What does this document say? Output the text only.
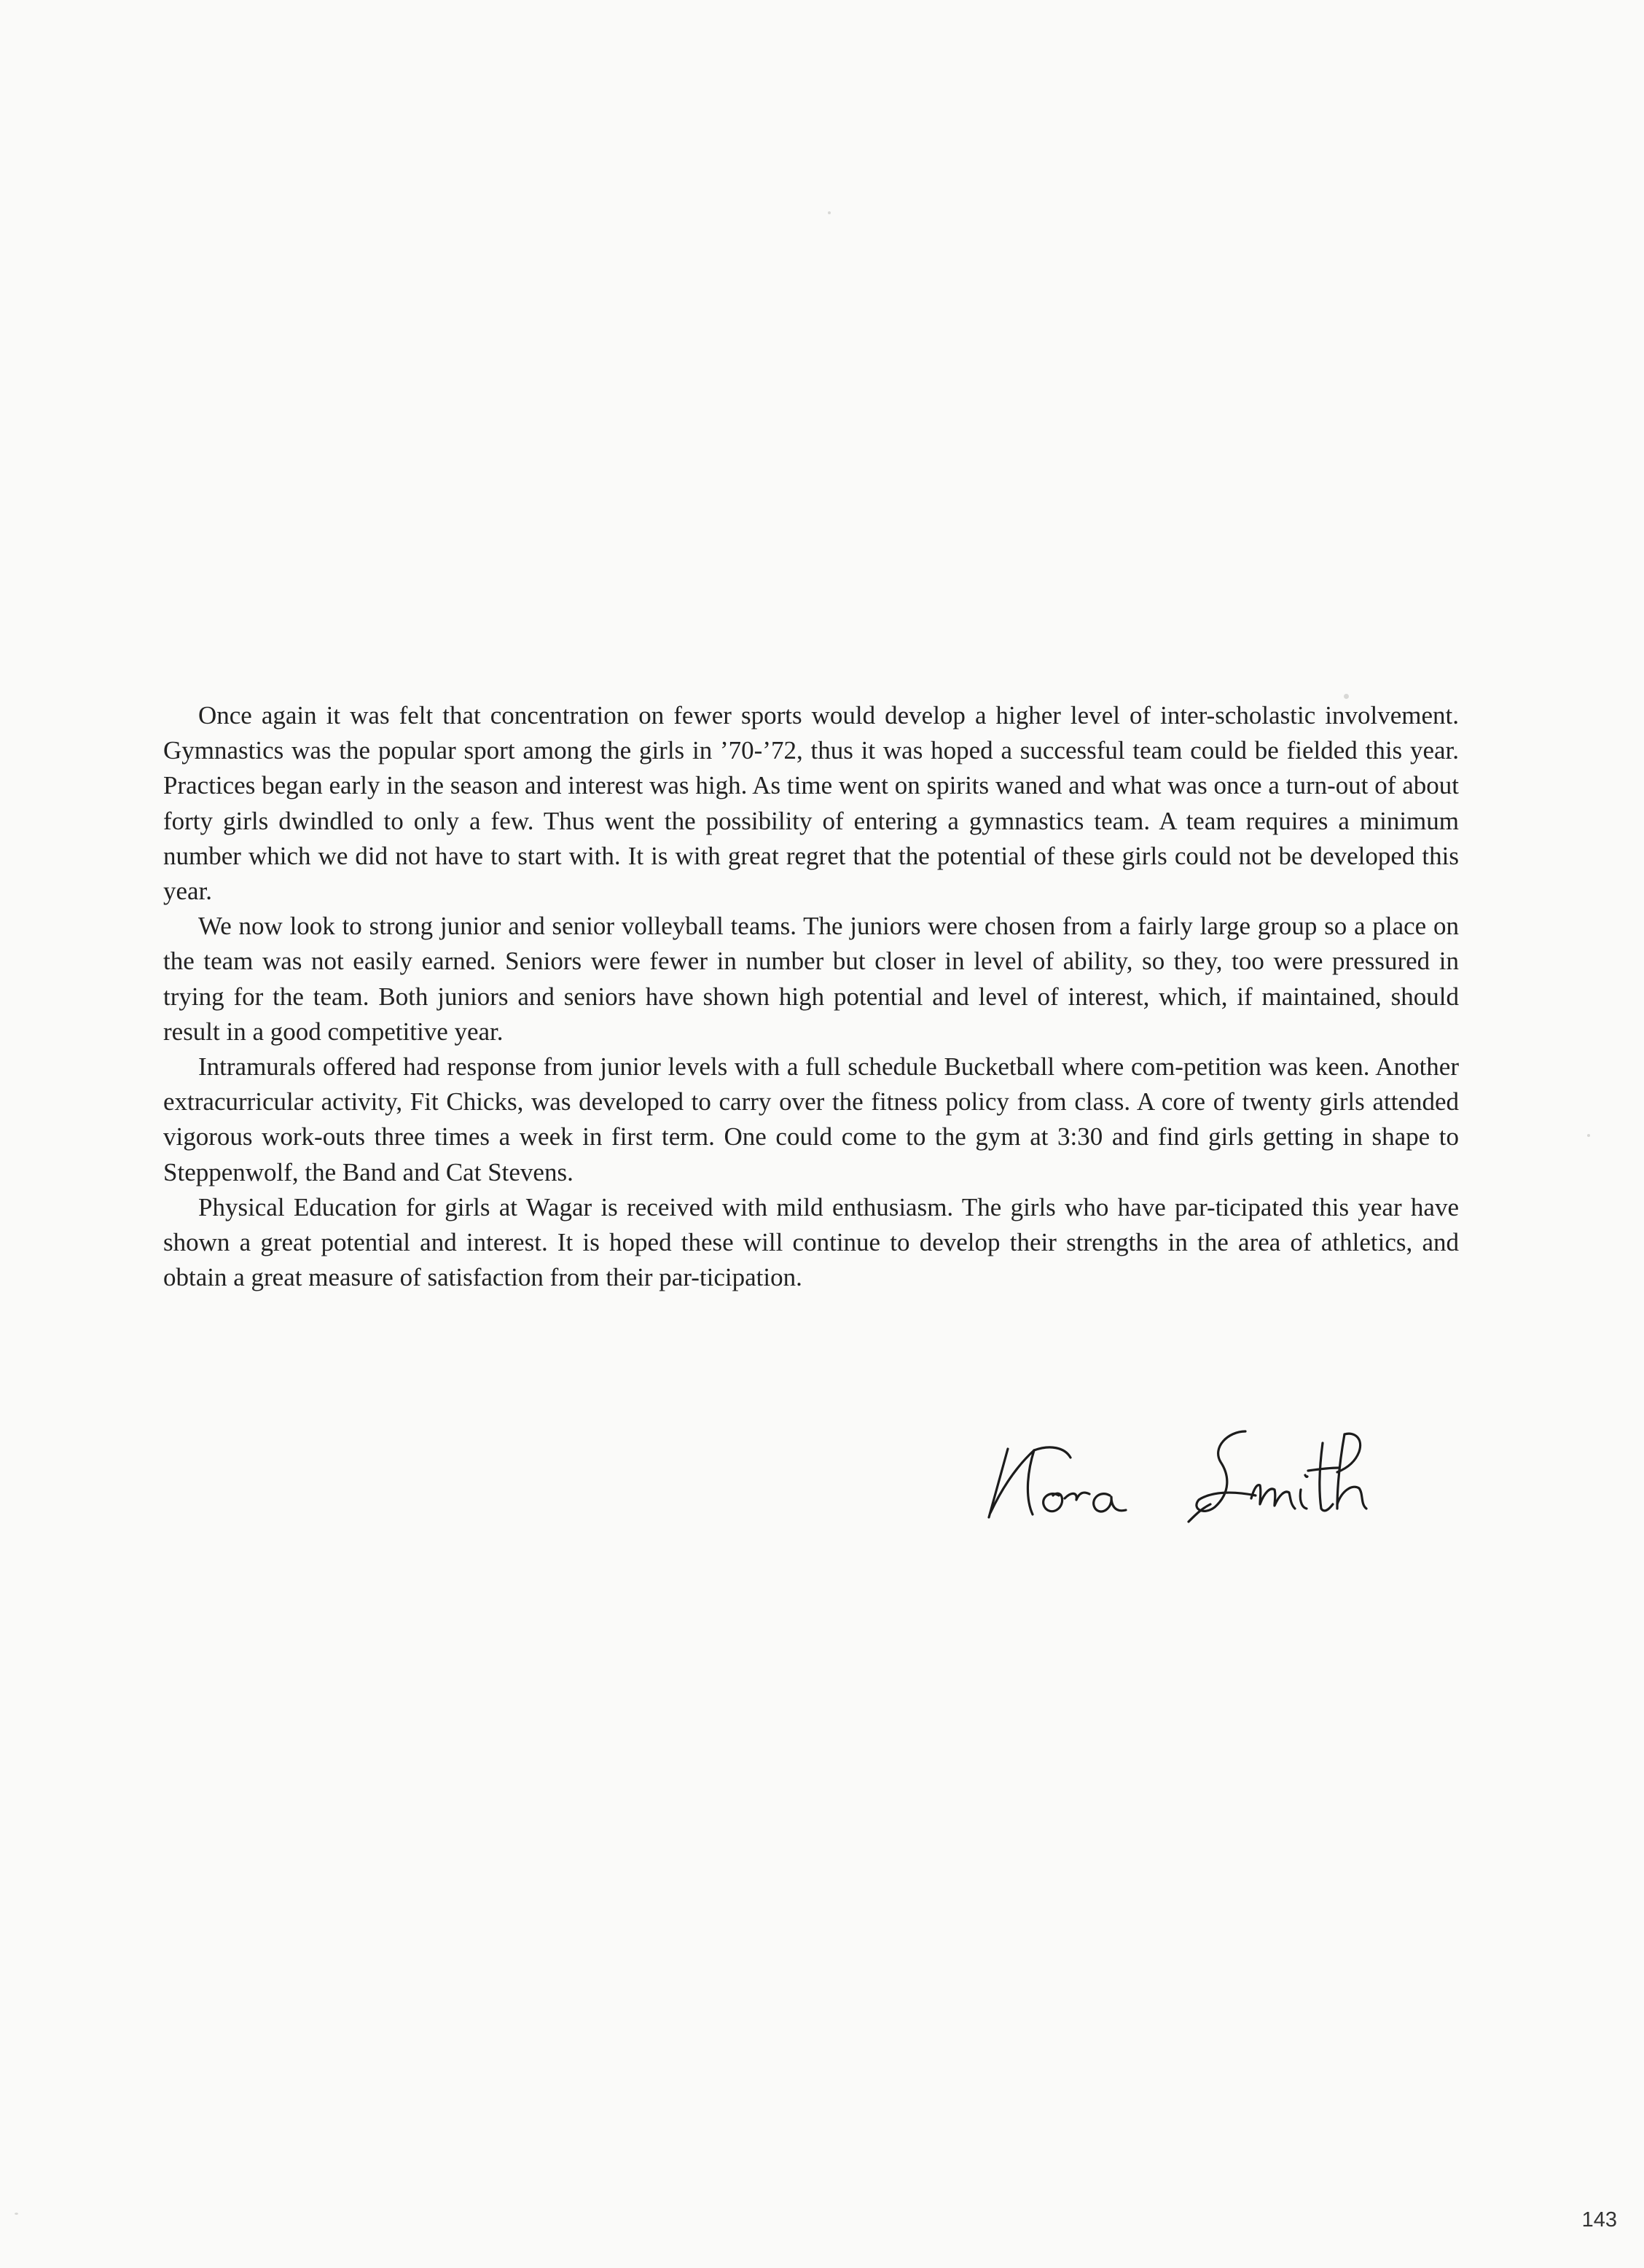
Once again it was felt that concentration on fewer sports would develop a higher level of inter-scholastic involvement. Gymnastics was the popular sport among the girls in ’70-’72, thus it was hoped a successful team could be fielded this year. Practices began early in the season and interest was high. As time went on spirits waned and what was once a turn-out of about forty girls dwindled to only a few. Thus went the possibility of entering a gymnastics team. A team requires a minimum number which we did not have to start with. It is with great regret that the potential of these girls could not be developed this year.

We now look to strong junior and senior volleyball teams. The juniors were chosen from a fairly large group so a place on the team was not easily earned. Seniors were fewer in number but closer in level of ability, so they, too were pressured in trying for the team. Both juniors and seniors have shown high potential and level of interest, which, if maintained, should result in a good competitive year.

Intramurals offered had response from junior levels with a full schedule Bucketball where com-petition was keen. Another extracurricular activity, Fit Chicks, was developed to carry over the fitness policy from class. A core of twenty girls attended vigorous work-outs three times a week in first term. One could come to the gym at 3:30 and find girls getting in shape to Steppenwolf, the Band and Cat Stevens.

Physical Education for girls at Wagar is received with mild enthusiasm. The girls who have par-ticipated this year have shown a great potential and interest. It is hoped these will continue to develop their strengths in the area of athletics, and obtain a great measure of satisfaction from their par-ticipation.

143
